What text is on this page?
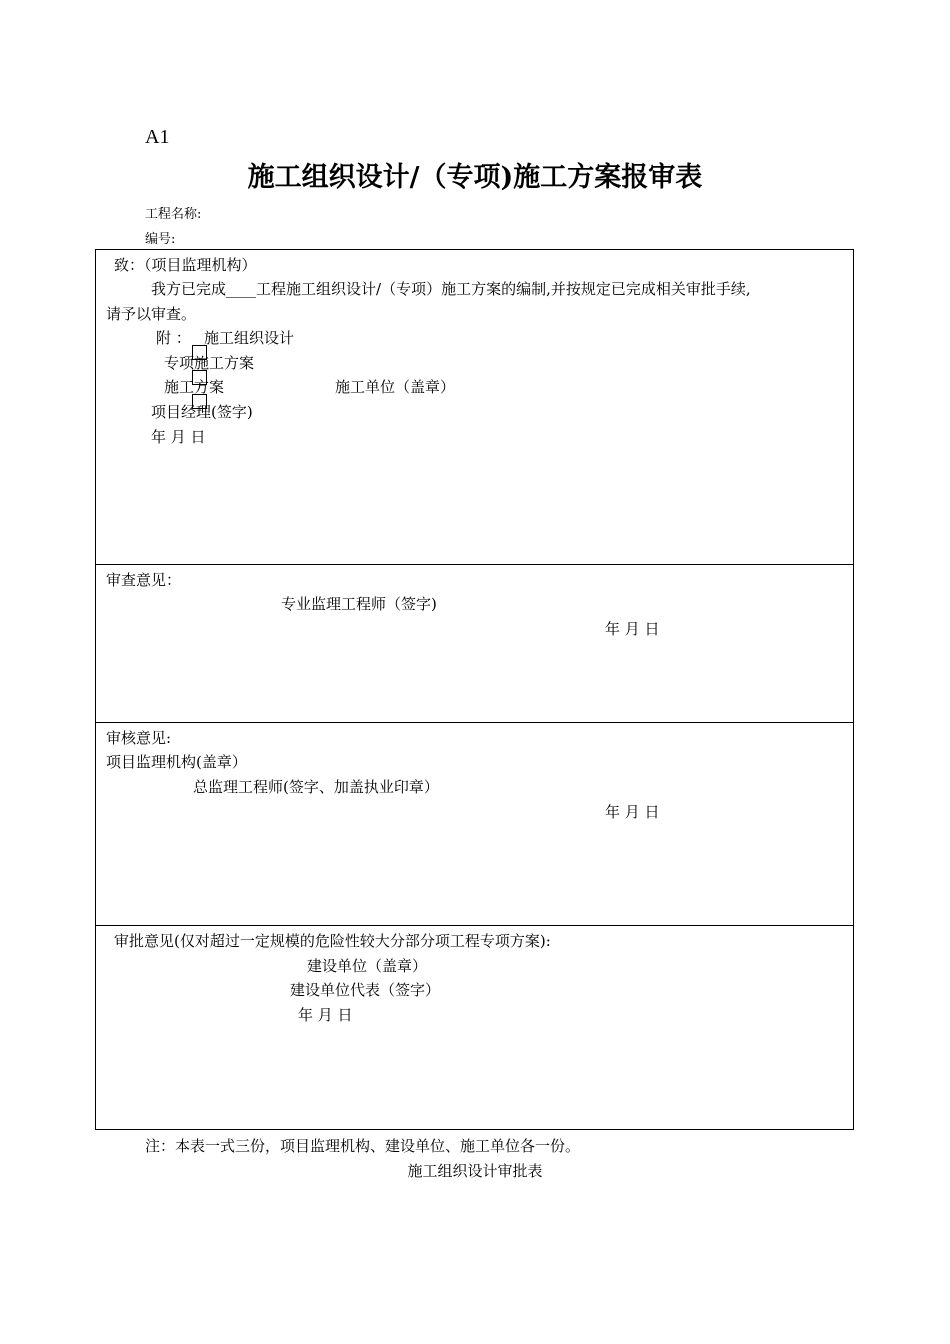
A1
施工组织设计/（专项)施工方案报审表
工程名称:
编号:
致：（项目监理机构）
我方已完成____工程施工组织设计/（专项）施工方案的编制,并按规定已完成相关审批手续,
请予以审查。
附 ： 施工组织设计
专项施工方案
施工方案	施工单位（盖章）
项目经理(签字)
年 月 日
审查意见：
专业监理工程师（签字)
年 月 日
审核意见:
项目监理机构(盖章）
总监理工程师(签字、加盖执业印章）
年 月 日
审批意见(仅对超过一定规模的危险性较大分部分项工程专项方案):
建设单位（盖章）
建设单位代表（签字）
年 月 日
注：本表一式三份，项目监理机构、建设单位、施工单位各一份。
施工组织设计审批表
